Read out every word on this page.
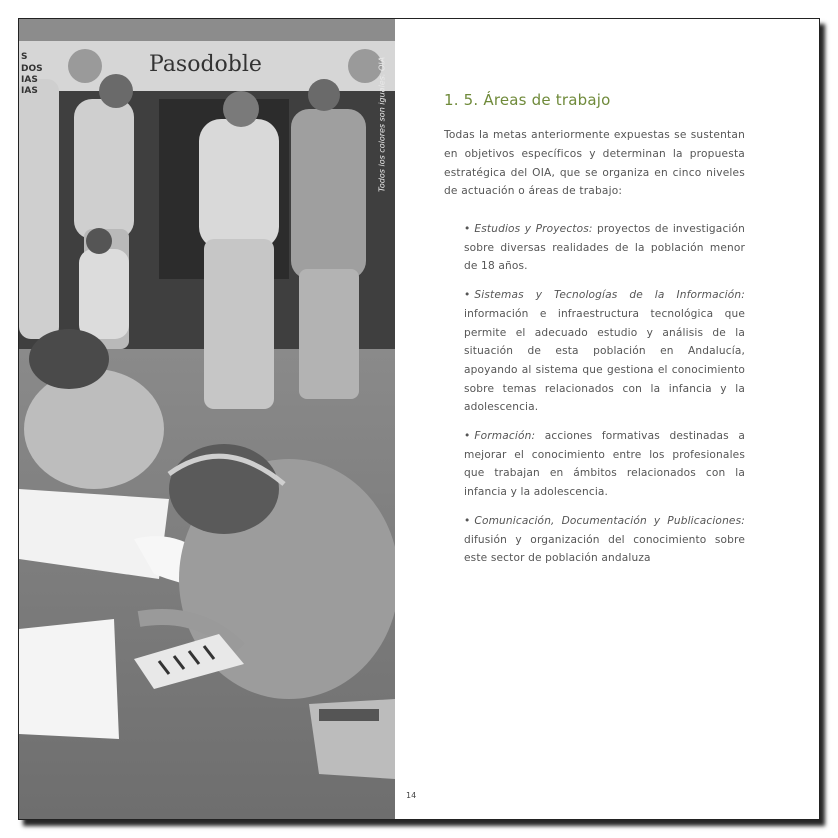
Pasodoble
S
DOS
IAS
IAS	Todos los colores son iguales. OIA	1. 5. Áreas de trabajo

Todas la metas anteriormente expuestas se sustentan en objetivos específicos y determinan la propuesta estratégica del OIA, que se organiza en cinco niveles de actuación o áreas de trabajo:

• Estudios y Proyectos: proyectos de investigación sobre diversas realidades de la población menor de 18 años.
• Sistemas y Tecnologías de la Información: información e infraestructura tecnológica que permite el adecuado estudio y análisis de la situación de esta población en Andalucía, apoyando al sistema que gestiona el conocimiento sobre temas relacionados con la infancia y la adolescencia.
• Formación: acciones formativas destinadas a mejorar el conocimiento entre los profesionales que trabajan en ámbitos relacionados con la infancia y la adolescencia.
• Comunicación, Documentación y Publicaciones: difusión y organización del conocimiento sobre este sector de población andaluza
14
